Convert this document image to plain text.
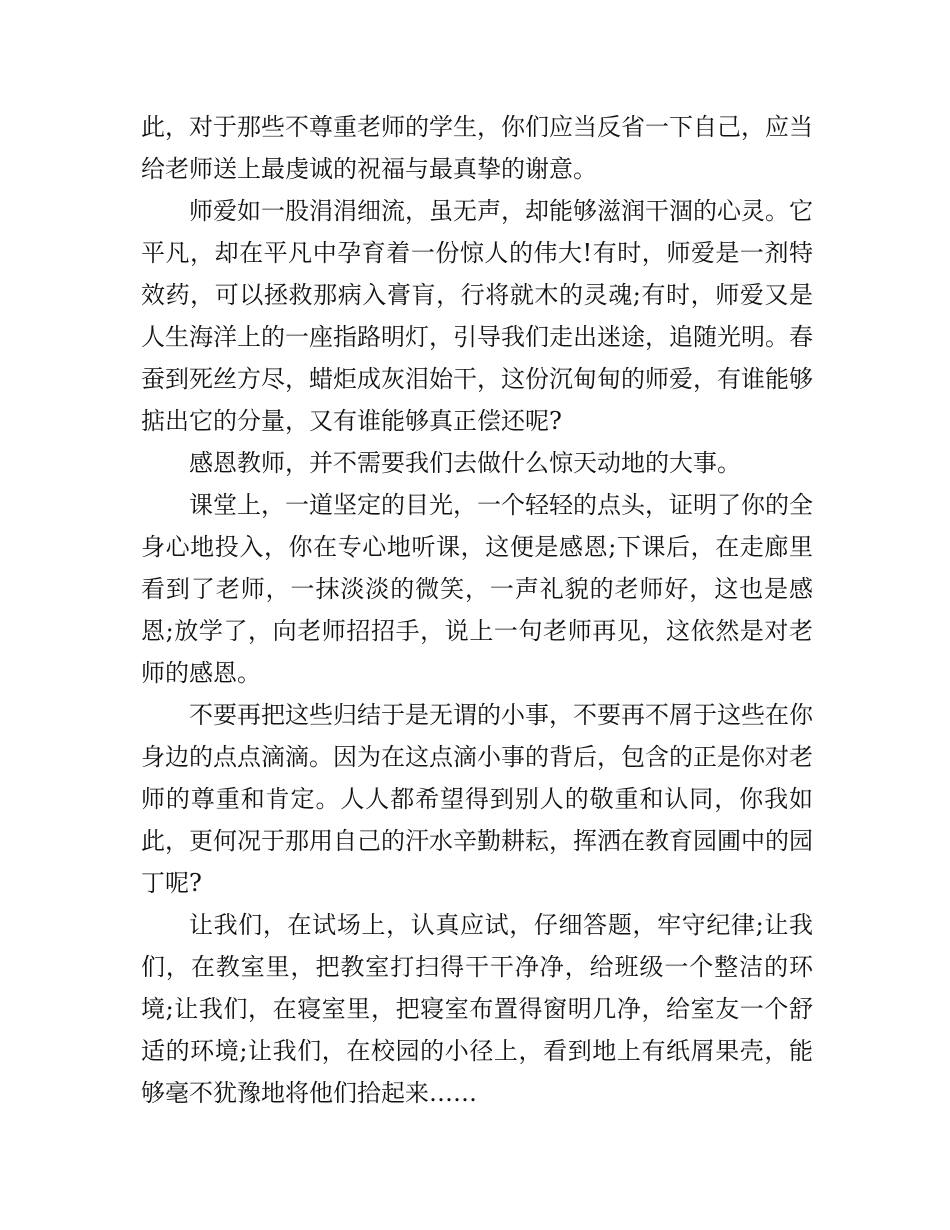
此，对于那些不尊重老师的学生，你们应当反省一下自己，应当给老师送上最虔诚的祝福与最真挚的谢意。

师爱如一股涓涓细流，虽无声，却能够滋润干涸的心灵。它平凡，却在平凡中孕育着一份惊人的伟大!有时，师爱是一剂特效药，可以拯救那病入膏肓，行将就木的灵魂;有时，师爱又是人生海洋上的一座指路明灯，引导我们走出迷途，追随光明。春蚕到死丝方尽，蜡炬成灰泪始干，这份沉甸甸的师爱，有谁能够掂出它的分量，又有谁能够真正偿还呢?

感恩教师，并不需要我们去做什么惊天动地的大事。

课堂上，一道坚定的目光，一个轻轻的点头，证明了你的全身心地投入，你在专心地听课，这便是感恩;下课后，在走廊里看到了老师，一抹淡淡的微笑，一声礼貌的老师好，这也是感恩;放学了，向老师招招手，说上一句老师再见，这依然是对老师的感恩。

不要再把这些归结于是无谓的小事，不要再不屑于这些在你身边的点点滴滴。因为在这点滴小事的背后，包含的正是你对老师的尊重和肯定。人人都希望得到别人的敬重和认同，你我如此，更何况于那用自己的汗水辛勤耕耘，挥洒在教育园圃中的园丁呢?

让我们，在试场上，认真应试，仔细答题，牢守纪律;让我们，在教室里，把教室打扫得干干净净，给班级一个整洁的环境;让我们，在寝室里，把寝室布置得窗明几净，给室友一个舒适的环境;让我们，在校园的小径上，看到地上有纸屑果壳，能够毫不犹豫地将他们拾起来……
